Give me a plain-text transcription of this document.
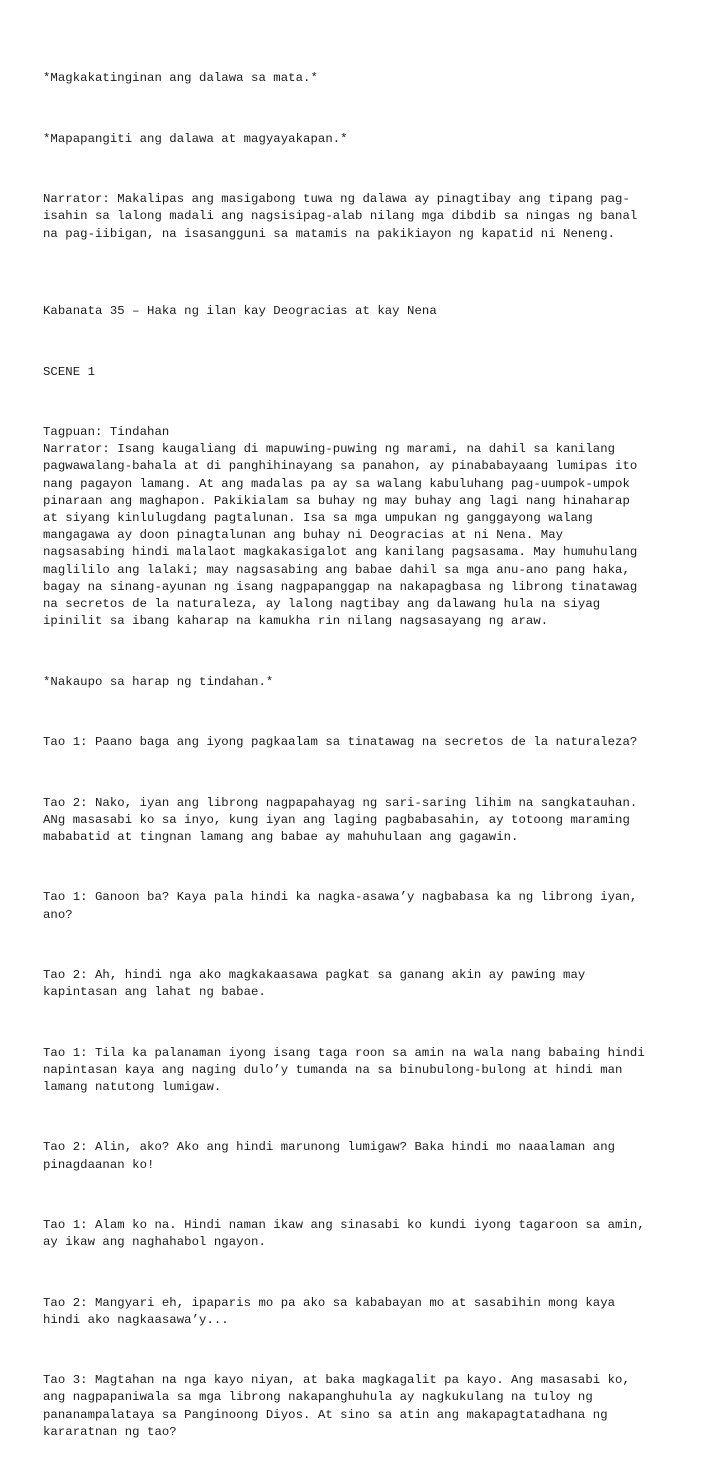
*Magkakatinginan ang dalawa sa mata.*

*Mapapangiti ang dalawa at magyayakapan.*

Narrator: Makalipas ang masigabong tuwa ng dalawa ay pinagtibay ang tipang pag-
isahin sa lalong madali ang nagsisipag-alab nilang mga dibdib sa ningas ng banal
na pag-iibigan, na isasangguni sa matamis na pakikiayon ng kapatid ni Neneng.

Kabanata 35 – Haka ng ilan kay Deogracias at kay Nena

SCENE 1

Tagpuan: Tindahan
Narrator: Isang kaugaliang di mapuwing-puwing ng marami, na dahil sa kanilang
pagwawalang-bahala at di panghihinayang sa panahon, ay pinababayaang lumipas ito
nang pagayon lamang. At ang madalas pa ay sa walang kabuluhang pag-uumpok-umpok
pinaraan ang maghapon. Pakikialam sa buhay ng may buhay ang lagi nang hinaharap
at siyang kinlulugdang pagtalunan. Isa sa mga umpukan ng ganggayong walang
mangagawa ay doon pinagtalunan ang buhay ni Deogracias at ni Nena. May
nagsasabing hindi malalaot magkakasigalot ang kanilang pagsasama. May humuhulang
maglililo ang lalaki; may nagsasabing ang babae dahil sa mga anu-ano pang haka,
bagay na sinang-ayunan ng isang nagpapanggap na nakapagbasa ng librong tinatawag
na secretos de la naturaleza, ay lalong nagtibay ang dalawang hula na siyag
ipinilit sa ibang kaharap na kamukha rin nilang nagsasayang ng araw.

*Nakaupo sa harap ng tindahan.*

Tao 1: Paano baga ang iyong pagkaalam sa tinatawag na secretos de la naturaleza?

Tao 2: Nako, iyan ang librong nagpapahayag ng sari-saring lihim na sangkatauhan.
ANg masasabi ko sa inyo, kung iyan ang laging pagbabasahin, ay totoong maraming
mababatid at tingnan lamang ang babae ay mahuhulaan ang gagawin.

Tao 1: Ganoon ba? Kaya pala hindi ka nagka-asawa’y nagbabasa ka ng librong iyan,
ano?

Tao 2: Ah, hindi nga ako magkakaasawa pagkat sa ganang akin ay pawing may
kapintasan ang lahat ng babae.

Tao 1: Tila ka palanaman iyong isang taga roon sa amin na wala nang babaing hindi
napintasan kaya ang naging dulo’y tumanda na sa binubulong-bulong at hindi man
lamang natutong lumigaw.

Tao 2: Alin, ako? Ako ang hindi marunong lumigaw? Baka hindi mo naaalaman ang
pinagdaanan ko!

Tao 1: Alam ko na. Hindi naman ikaw ang sinasabi ko kundi iyong tagaroon sa amin,
ay ikaw ang naghahabol ngayon.

Tao 2: Mangyari eh, ipaparis mo pa ako sa kababayan mo at sasabihin mong kaya
hindi ako nagkaasawa’y...

Tao 3: Magtahan na nga kayo niyan, at baka magkagalit pa kayo. Ang masasabi ko,
ang nagpapaniwala sa mga librong nakapanghuhula ay nagkukulang na tuloy ng
pananampalataya sa Panginoong Diyos. At sino sa atin ang makapagtatadhana ng
kararatnan ng tao?
